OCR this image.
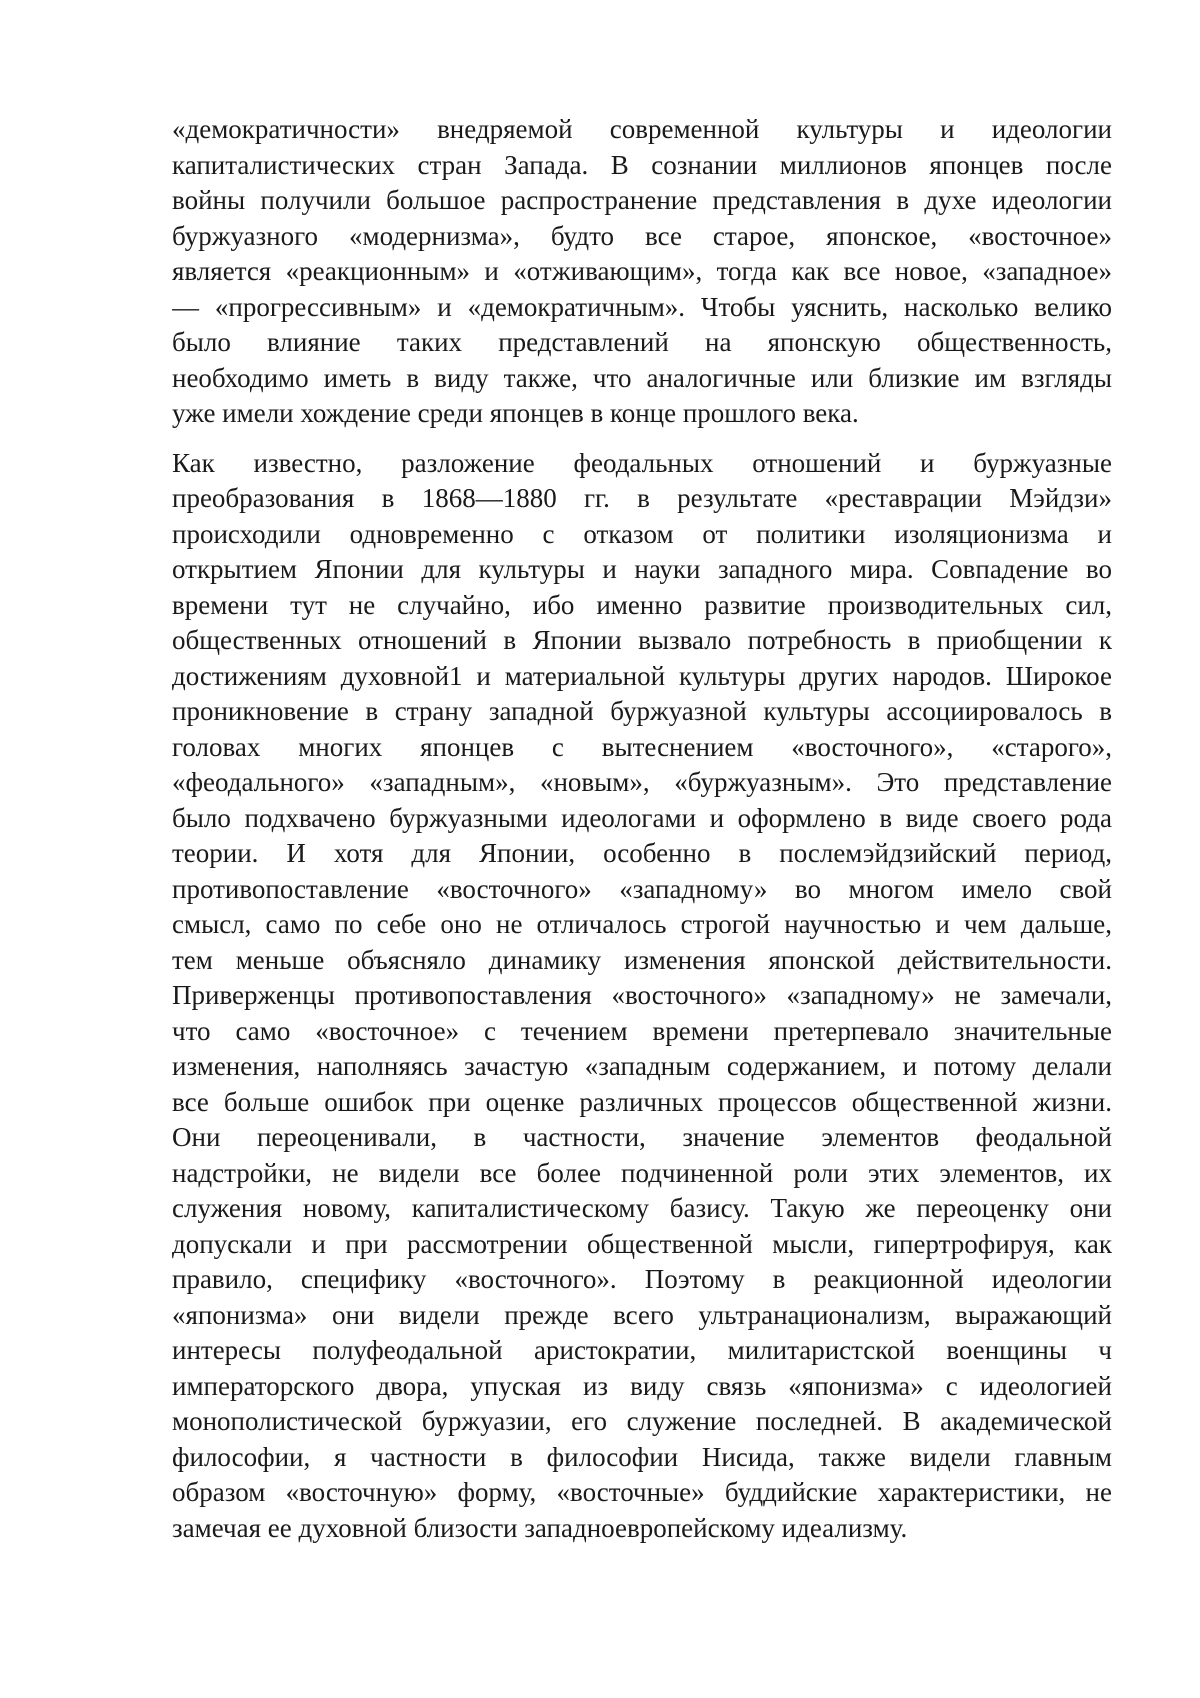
«демократичности» внедряемой современной культуры и идеологии
капиталистических стран Запада. В сознании миллионов японцев после
войны получили большое распространение представления в духе идеологии
буржуазного «модернизма», будто все старое, японское, «восточное»
является «реакционным» и «отживающим», тогда как все новое, «западное»
— «прогрессивным» и «демократичным». Чтобы уяснить, насколько велико
было влияние таких представлений на японскую общественность,
необходимо иметь в виду также, что аналогичные или близкие им взгляды
уже имели хождение среди японцев в конце прошлого века.
Как известно, разложение феодальных отношений и буржуазные
преобразования в 1868—1880 гг. в результате «реставрации Мэйдзи»
происходили одновременно с отказом от политики изоляционизма и
открытием Японии для культуры и науки западного мира. Совпадение во
времени тут не случайно, ибо именно развитие производительных сил,
общественных отношений в Японии вызвало потребность в приобщении к
достижениям духовной1 и материальной культуры других народов. Широкое
проникновение в страну западной буржуазной культуры ассоциировалось в
головах многих японцев с вытеснением «восточного», «старого»,
«феодального» «западным», «новым», «буржуазным». Это представление
было подхвачено буржуазными идеологами и оформлено в виде своего рода
теории. И хотя для Японии, особенно в послемэйдзийский период,
противопоставление «восточного» «западному» во многом имело свой
смысл, само по себе оно не отличалось строгой научностью и чем дальше,
тем меньше объясняло динамику изменения японской действительности.
Приверженцы противопоставления «восточного» «западному» не замечали,
что само «восточное» с течением времени претерпевало значительные
изменения, наполняясь зачастую «западным содержанием, и потому делали
все больше ошибок при оценке различных процессов общественной жизни.
Они переоценивали, в частности, значение элементов феодальной
надстройки, не видели все более подчиненной роли этих элементов, их
служения новому, капиталистическому базису. Такую же переоценку они
допускали и при рассмотрении общественной мысли, гипертрофируя, как
правило, специфику «восточного». Поэтому в реакционной идеологии
«японизма» они видели прежде всего ультранационализм, выражающий
интересы полуфеодальной аристократии, милитаристской военщины ч
императорского двора, упуская из виду связь «японизма» с идеологией
монополистической буржуазии, его служение последней. В академической
философии, я частности в философии Нисида, также видели главным
образом «восточную» форму, «восточные» буддийские характеристики, не
замечая ее духовной близости западноевропейскому идеализму.
